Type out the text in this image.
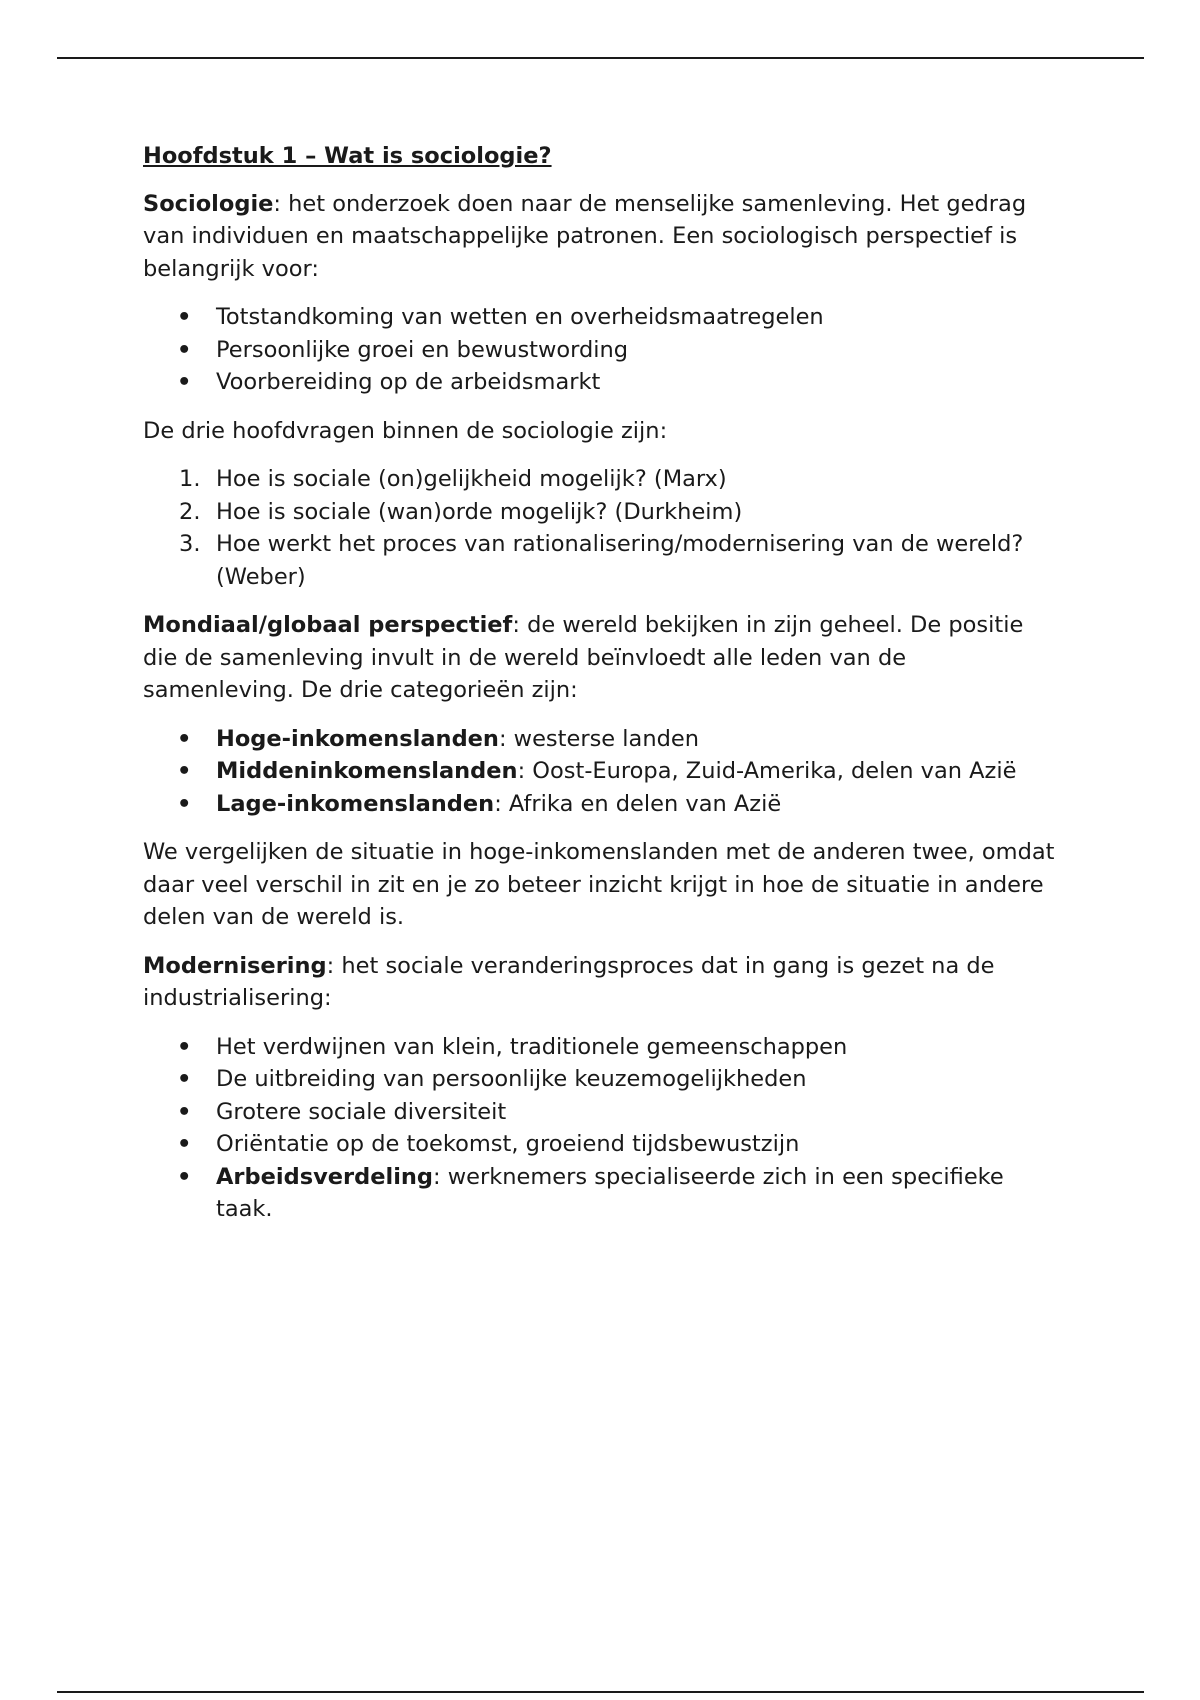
Hoofdstuk 1 – Wat is sociologie?

Sociologie: het onderzoek doen naar de menselijke samenleving. Het gedrag van individuen en maatschappelijke patronen. Een sociologisch perspectief is belangrijk voor:

• Totstandkoming van wetten en overheidsmaatregelen
• Persoonlijke groei en bewustwording
• Voorbereiding op de arbeidsmarkt

De drie hoofdvragen binnen de sociologie zijn:

1. Hoe is sociale (on)gelijkheid mogelijk? (Marx)
2. Hoe is sociale (wan)orde mogelijk? (Durkheim)
3. Hoe werkt het proces van rationalisering/modernisering van de wereld? (Weber)

Mondiaal/globaal perspectief: de wereld bekijken in zijn geheel. De positie die de samenleving invult in de wereld beïnvloedt alle leden van de samenleving. De drie categorieën zijn:

• Hoge-inkomenslanden: westerse landen
• Middeninkomenslanden: Oost-Europa, Zuid-Amerika, delen van Azië
• Lage-inkomenslanden: Afrika en delen van Azië

We vergelijken de situatie in hoge-inkomenslanden met de anderen twee, omdat daar veel verschil in zit en je zo beteer inzicht krijgt in hoe de situatie in andere delen van de wereld is.

Modernisering: het sociale veranderingsproces dat in gang is gezet na de industrialisering:

• Het verdwijnen van klein, traditionele gemeenschappen
• De uitbreiding van persoonlijke keuzemogelijkheden
• Grotere sociale diversiteit
• Oriëntatie op de toekomst, groeiend tijdsbewustzijn
• Arbeidsverdeling: werknemers specialiseerde zich in een specifieke taak.
